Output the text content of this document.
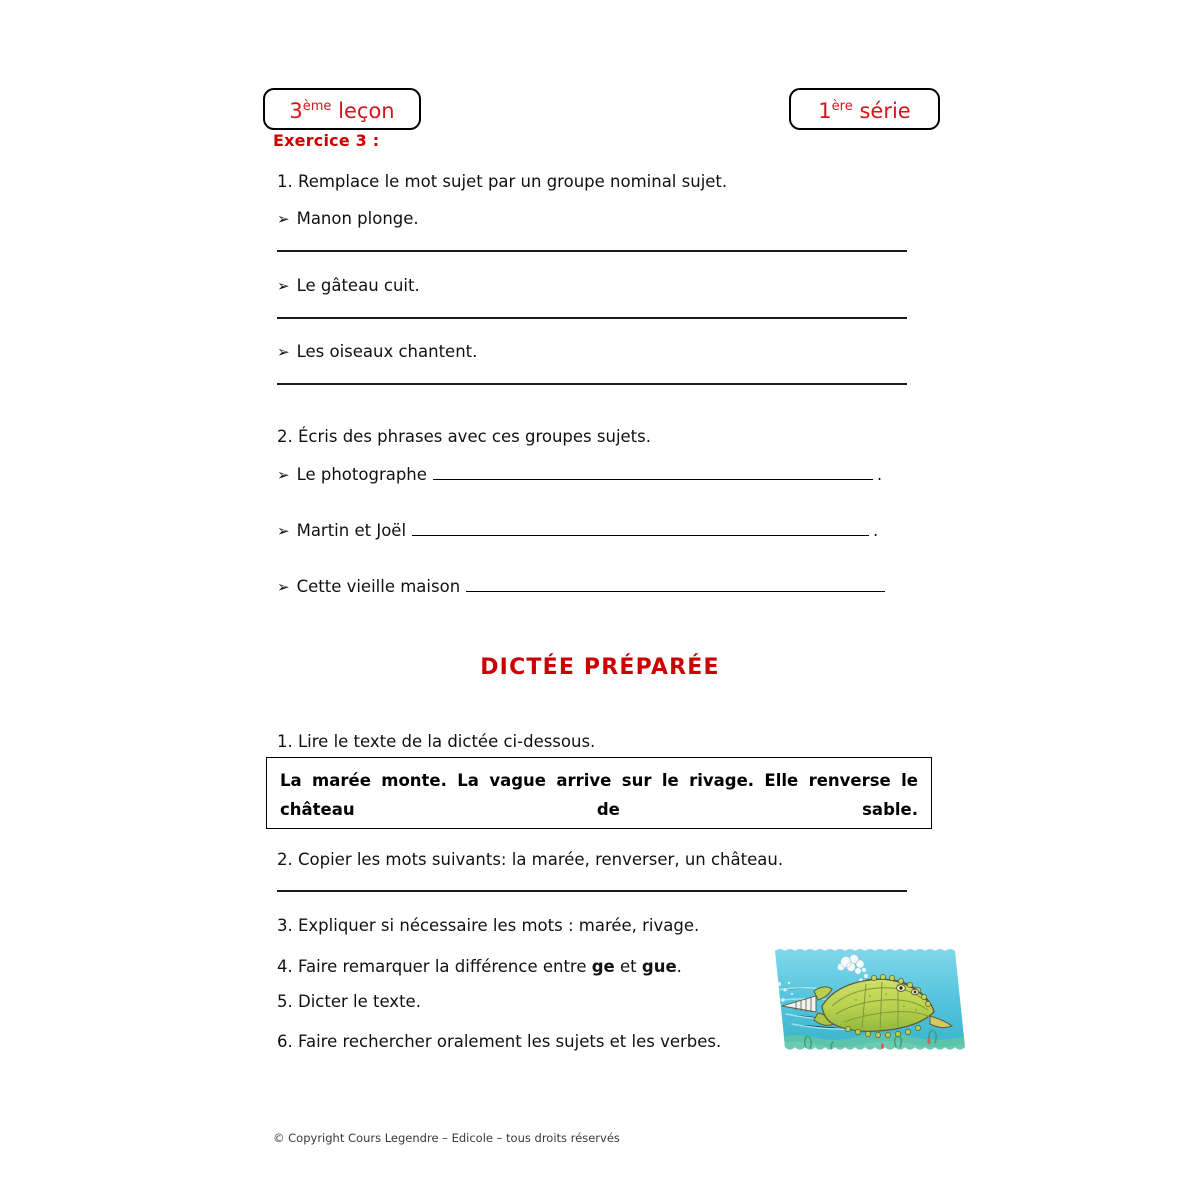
3ème leçon	1ère série
Exercice 3 :
1. Remplace le mot sujet par un groupe nominal sujet.
➢ Manon plonge.
➢ Le gâteau cuit.
➢ Les oiseaux chantent.
2. Écris des phrases avec ces groupes sujets.
➢ Le photographe	.
➢ Martin et Joël	.
➢ Cette vieille maison
DICTÉE PRÉPARÉE
1. Lire le texte de la dictée ci-dessous.
La marée monte. La vague arrive sur le rivage. Elle renverse le château de sable.
2. Copier les mots suivants: la marée, renverser, un château.
3. Expliquer si nécessaire les mots : marée, rivage.
4. Faire remarquer la différence entre ge et gue.
5. Dicter le texte.
6. Faire rechercher oralement les sujets et les verbes.
© Copyright Cours Legendre – Edicole – tous droits réservés
